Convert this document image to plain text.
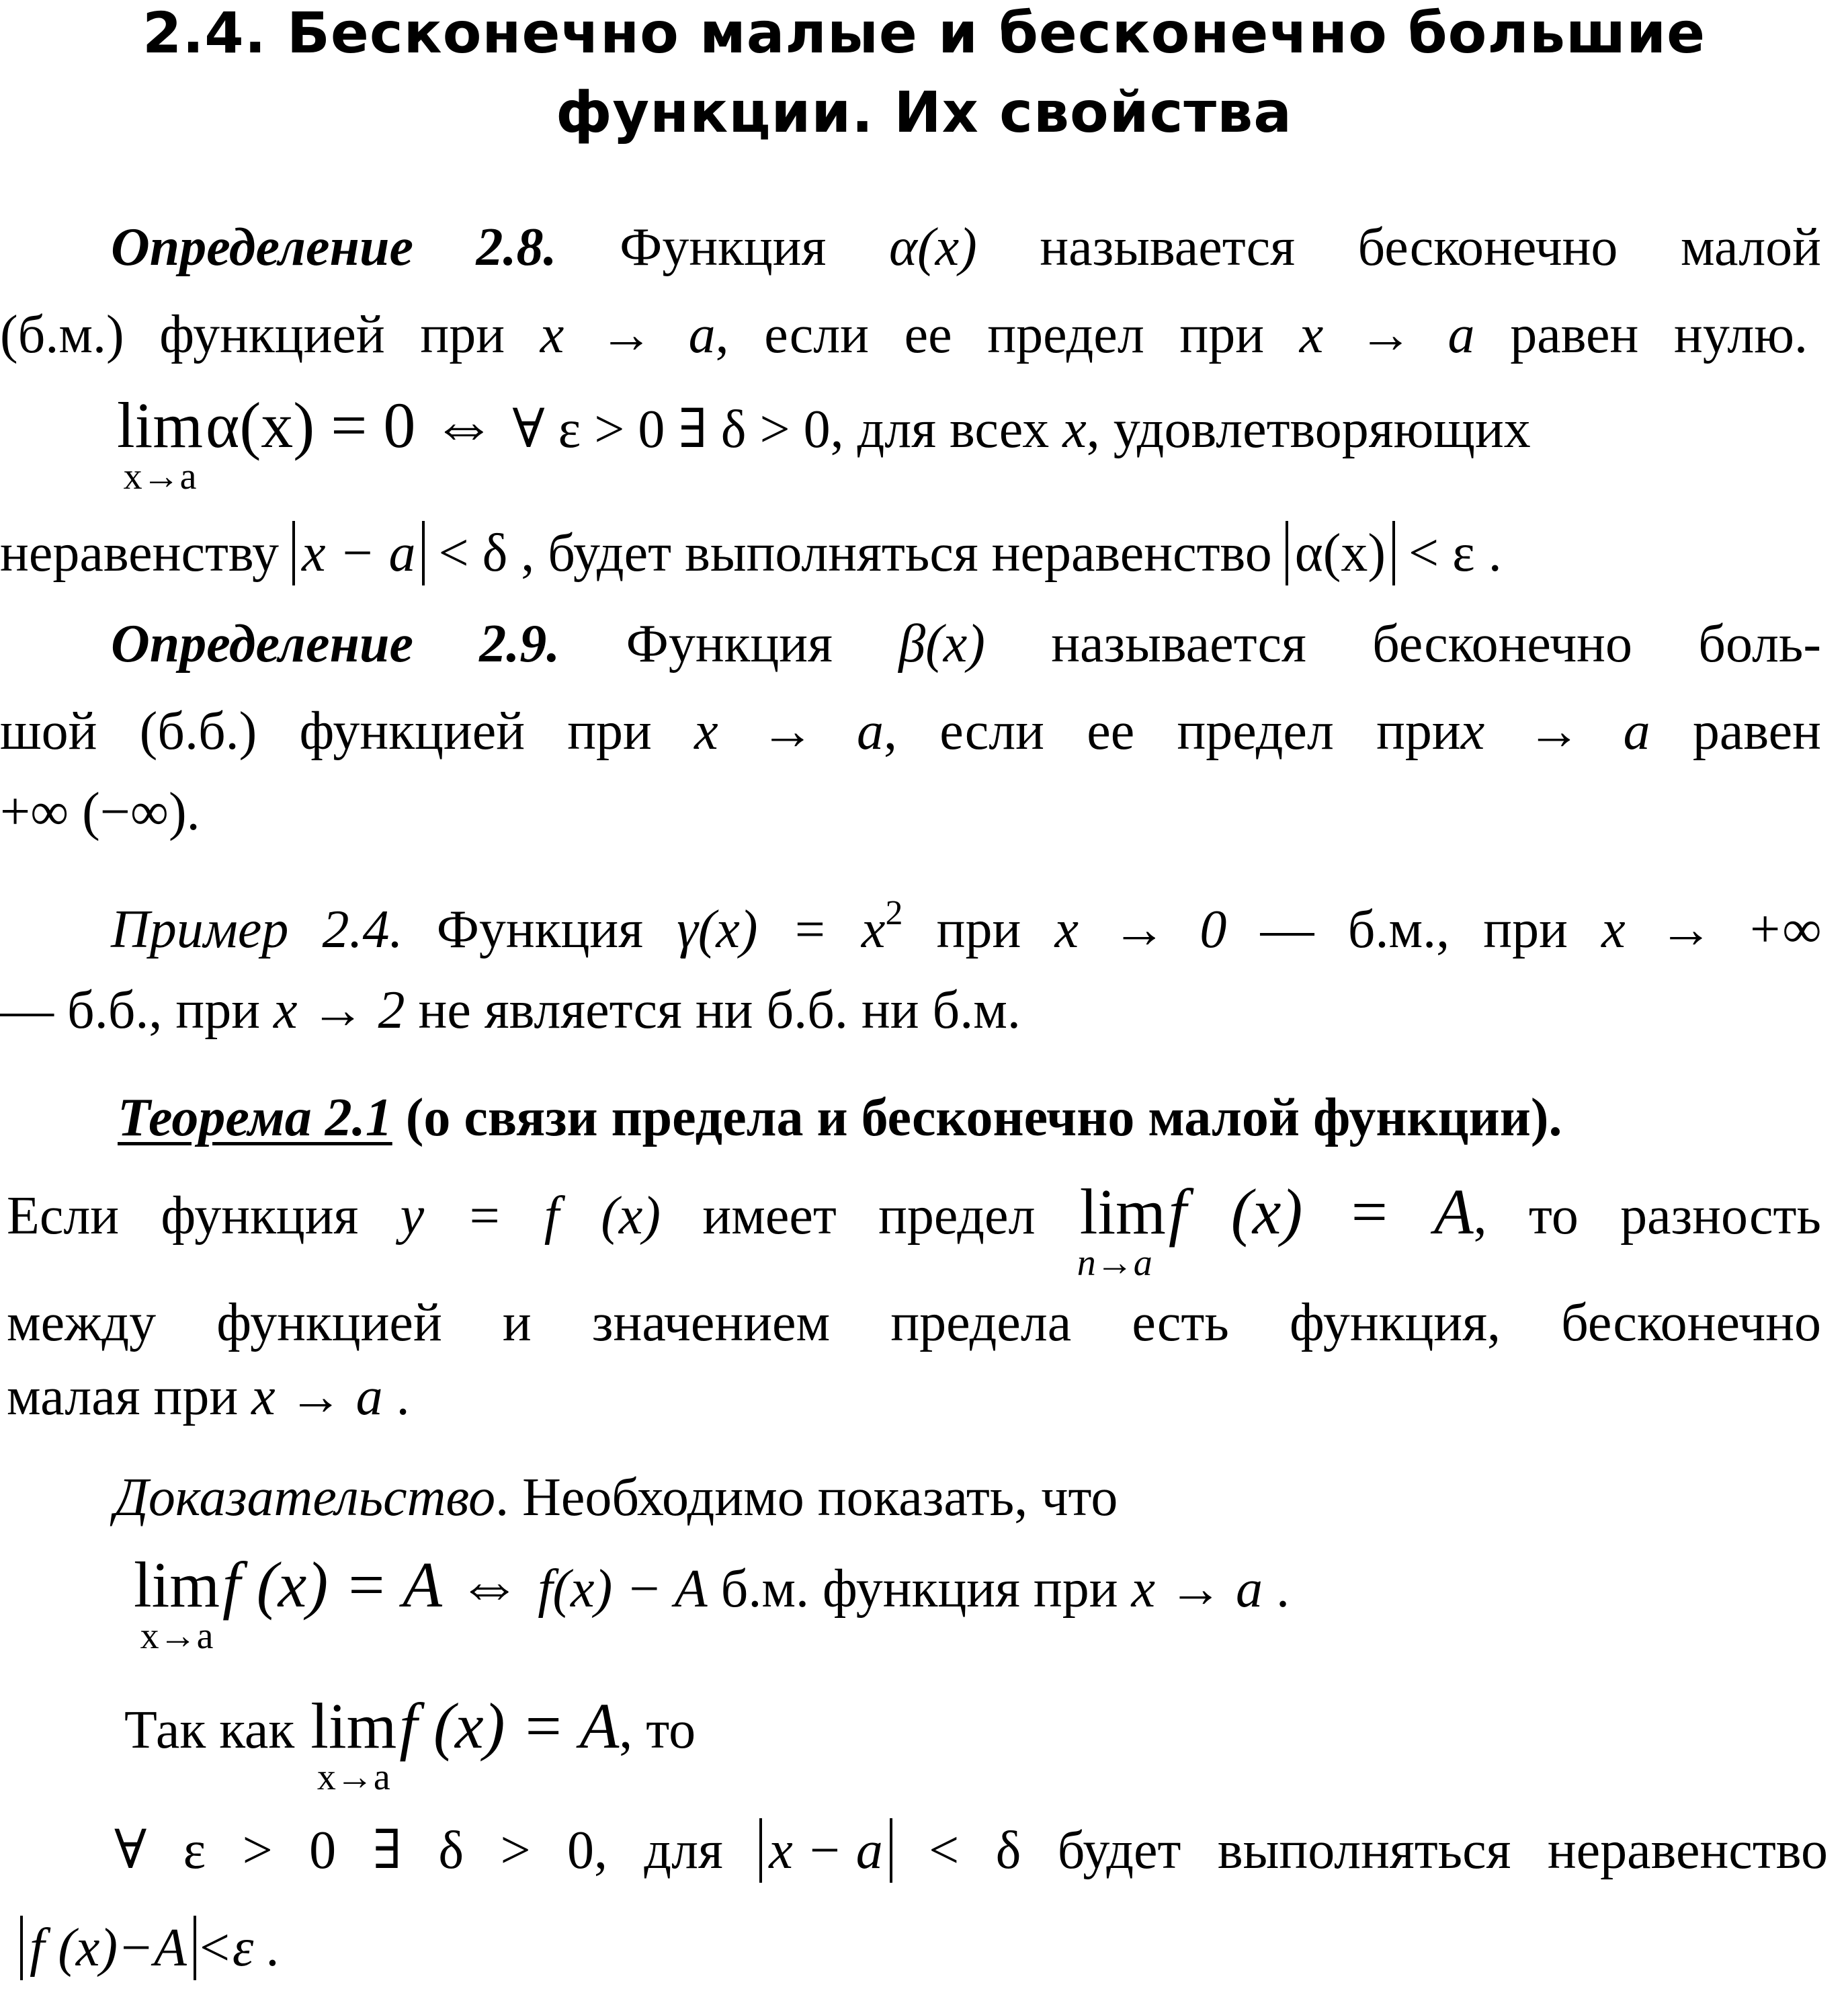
2.4. Бесконечно малые и бесконечно большие
функции. Их свойства
Определение 2.8. Функция α(x) называется бесконечно малой
(б.м.) функцией при x → a, если ее предел при x → a равен нулю.
lim
x→a
α(x) = 0 ⇔ ∀ ε > 0 ∃ δ > 0, для всех x, удовлетворяющих
неравенству x − a < δ , будет выполняться неравенство α(x) < ε .
Определение 2.9. Функция β(x) называется бесконечно боль-
шой (б.б.) функцией при x → a, если ее предел приx → a равен
+∞ (−∞).
Пример 2.4. Функция $\gamma(x) = x^2$ при x → 0 — б.м., при x → +∞
— б.б., при x → 2 не является ни б.б. ни б.м.
Теорема 2.1 (о связи предела и бесконечно малой функции).
Если функция y = f (x) имеет предел lim
n→a
f (x) = A, то разность
между функцией и значением предела есть функция, бесконечно
малая при x → a .
Доказательство. Необходимо показать, что
lim
x→a
f (x) = A ⇔ f(x) − A б.м. функция при x → a .
Так как lim
x→a
f (x) = A, то
∀ ε > 0 ∃ δ > 0, для x − a < δ будет выполняться неравенство
f (x)−A <ε .
